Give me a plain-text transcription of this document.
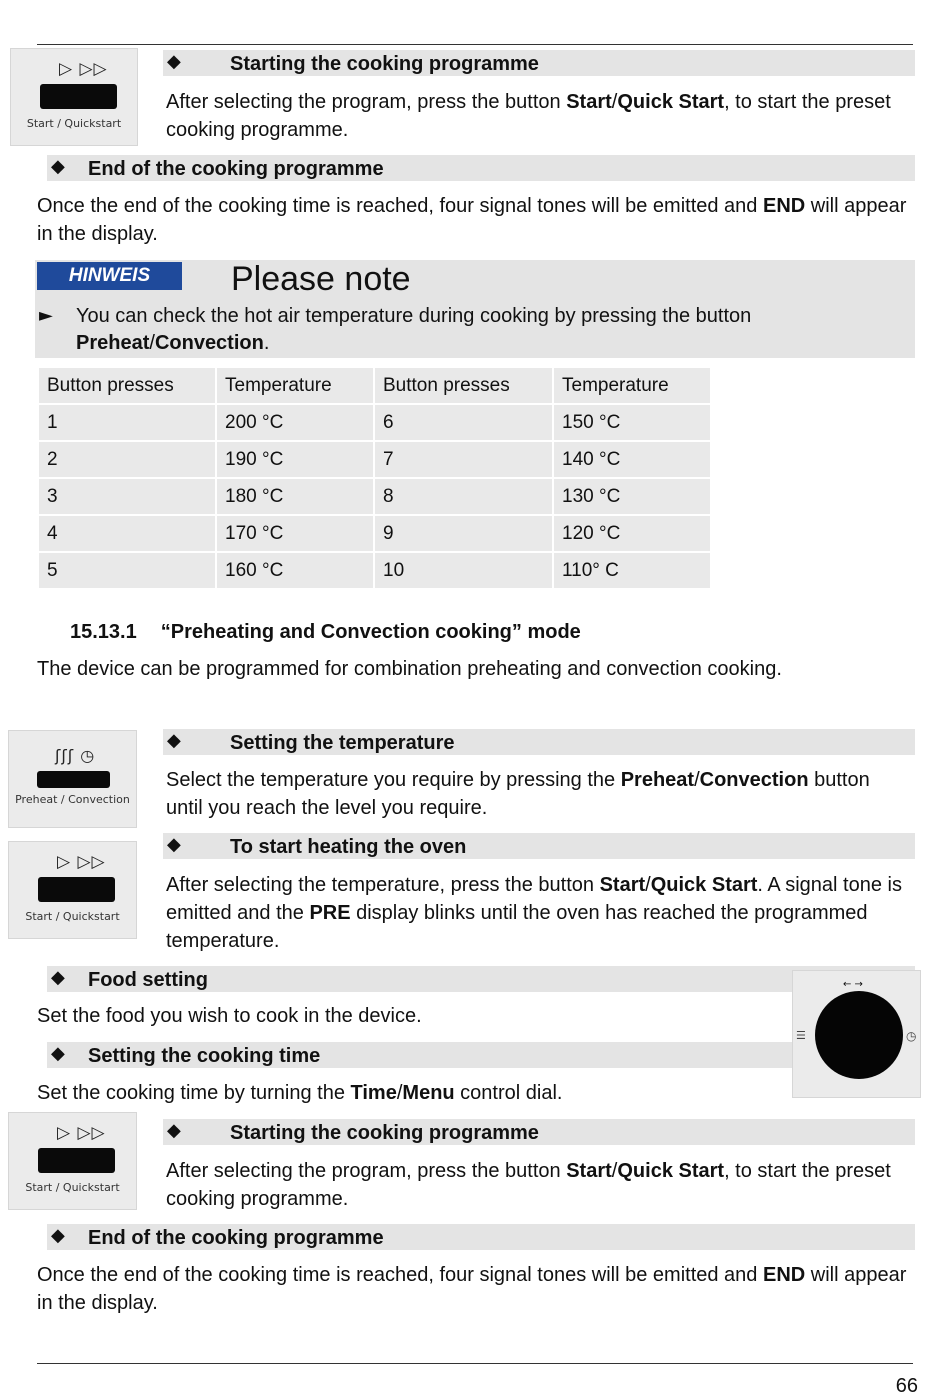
▷ ▷▷
Start / Quickstart
◆ Starting the cooking programme
After selecting the program, press the button Start/Quick Start, to start the preset cooking programme.
◆ End of the cooking programme
Once the end of the cooking time is reached, four signal tones will be emitted and END will appear in the display.
HINWEIS	Please note
► You can check the hot air temperature during cooking by pressing the button Preheat/Convection.
Button presses	Temperature	Button presses	Temperature
1	200 °C	6	150 °C
2	190 °C	7	140 °C
3	180 °C	8	130 °C
4	170 °C	9	120 °C
5	160 °C	10	110° C
15.13.1 “Preheating and Convection cooking” mode
The device can be programmed for combination preheating and convection cooking.
ʃʃʃ ◷
Preheat / Convection
◆ Setting the temperature
Select the temperature you require by pressing the Preheat/Convection button until you reach the level you require.
▷ ▷▷
Start / Quickstart
◆ To start heating the oven
After selecting the temperature, press the button Start/Quick Start. A signal tone is emitted and the PRE display blinks until the oven has reached the programmed temperature.
◆ Food setting
Set the food you wish to cook in the device.
◆ Setting the cooking time
Set the cooking time by turning the Time/Menu control dial.
← →
☰	◷
▷ ▷▷
Start / Quickstart
◆ Starting the cooking programme
After selecting the program, press the button Start/Quick Start, to start the preset cooking programme.
◆ End of the cooking programme
Once the end of the cooking time is reached, four signal tones will be emitted and END will appear in the display.
66
